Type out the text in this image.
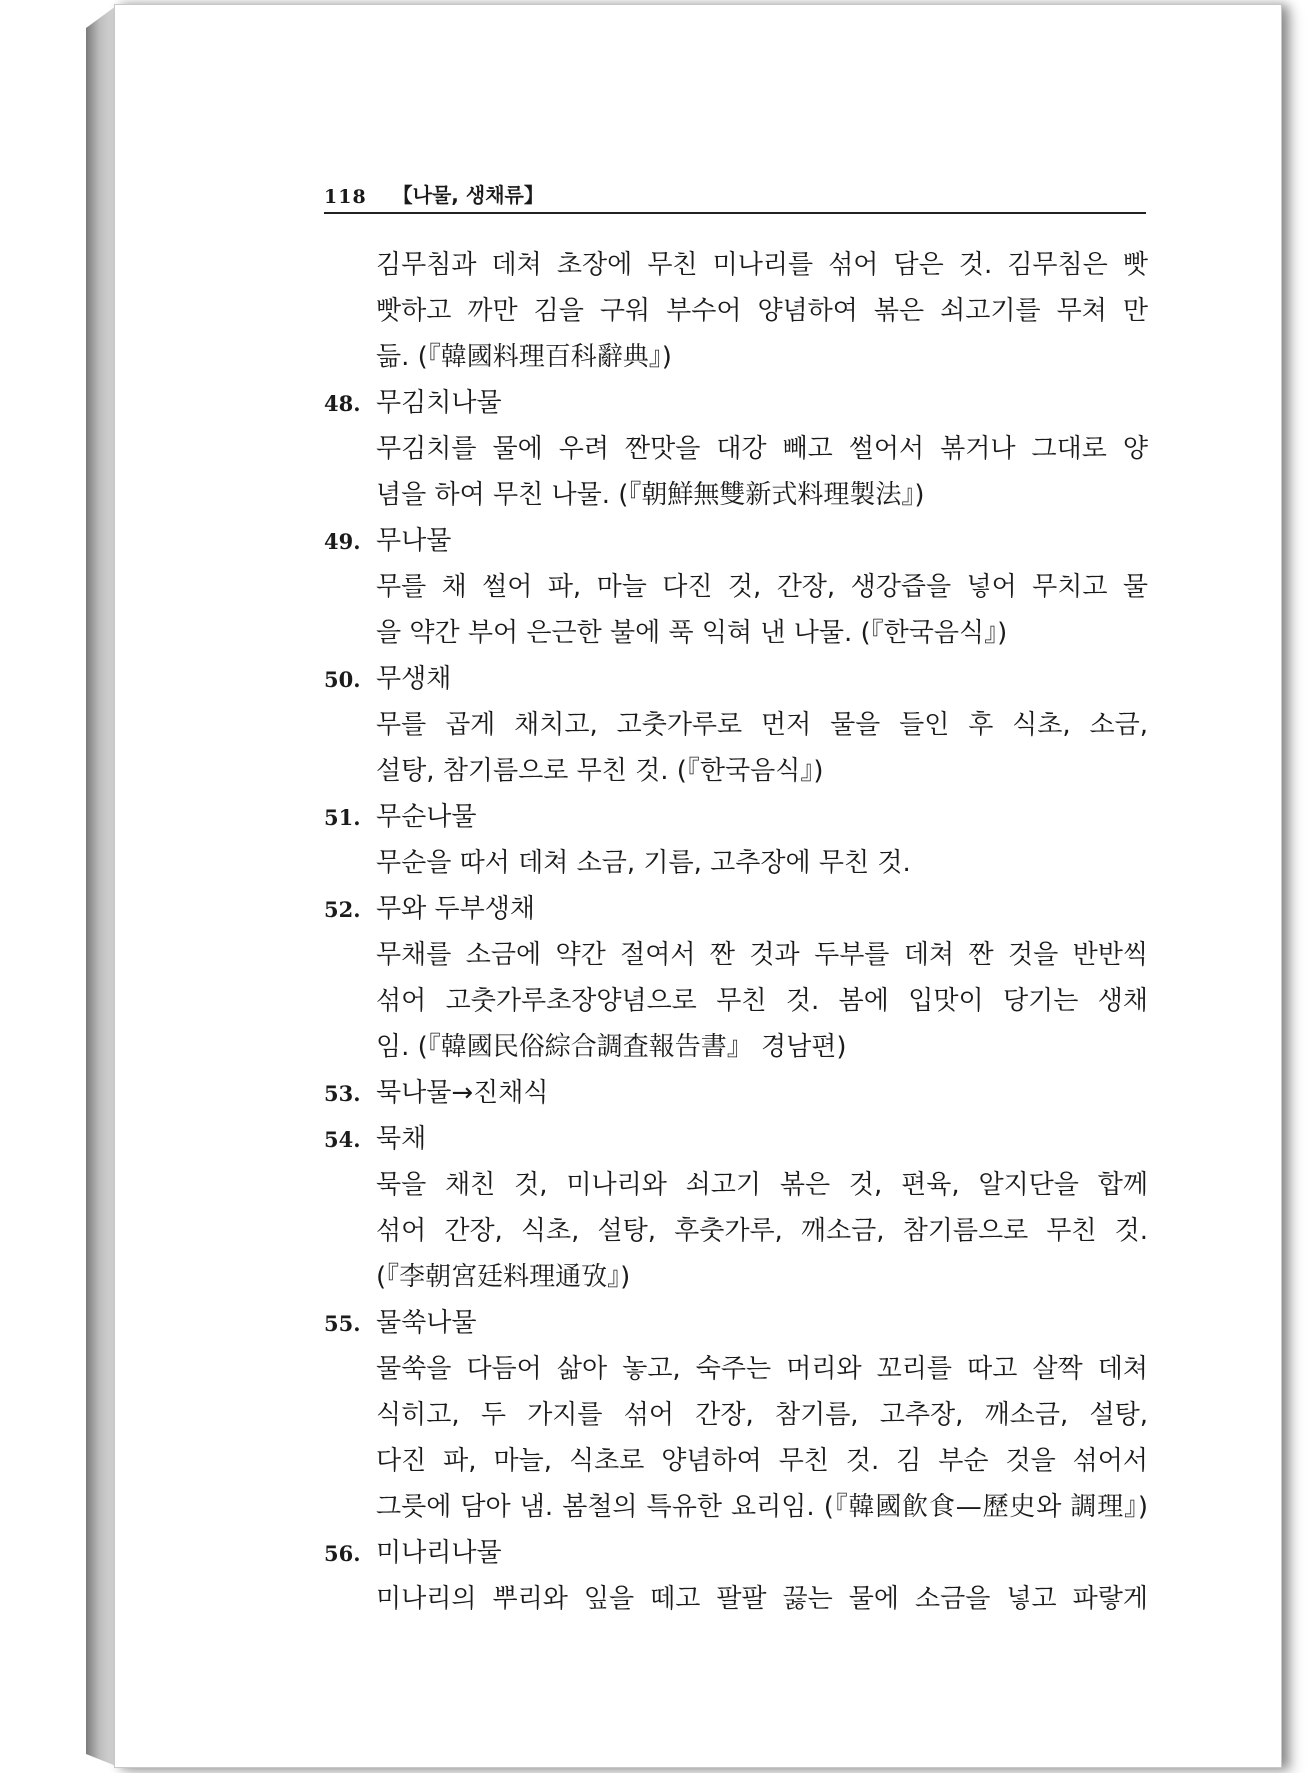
118 【나물, 생채류】
김무침과 데쳐 초장에 무친 미나리를 섞어 담은 것. 김무침은 빳
빳하고 까만 김을 구워 부수어 양념하여 볶은 쇠고기를 무쳐 만
듦. (『韓國料理百科辭典』)
48. 무김치나물
무김치를 물에 우려 짠맛을 대강 빼고 썰어서 볶거나 그대로 양
념을 하여 무친 나물. (『朝鮮無雙新式料理製法』)
49. 무나물
무를 채 썰어 파, 마늘 다진 것, 간장, 생강즙을 넣어 무치고 물
을 약간 부어 은근한 불에 푹 익혀 낸 나물. (『한국음식』)
50. 무생채
무를 곱게 채치고, 고춧가루로 먼저 물을 들인 후 식초, 소금,
설탕, 참기름으로 무친 것. (『한국음식』)
51. 무순나물
무순을 따서 데쳐 소금, 기름, 고추장에 무친 것.
52. 무와 두부생채
무채를 소금에 약간 절여서 짠 것과 두부를 데쳐 짠 것을 반반씩
섞어 고춧가루초장양념으로 무친 것. 봄에 입맛이 당기는 생채
임. (『韓國民俗綜合調査報告書』 경남편)
53. 묵나물→진채식
54. 묵채
묵을 채친 것, 미나리와 쇠고기 볶은 것, 편육, 알지단을 합께
섞어 간장, 식초, 설탕, 후춧가루, 깨소금, 참기름으로 무친 것.
(『李朝宮廷料理通攷』)
55. 물쑥나물
물쑥을 다듬어 삶아 놓고, 숙주는 머리와 꼬리를 따고 살짝 데쳐
식히고, 두 가지를 섞어 간장, 참기름, 고추장, 깨소금, 설탕,
다진 파, 마늘, 식초로 양념하여 무친 것. 김 부순 것을 섞어서
그릇에 담아 냄. 봄철의 특유한 요리임. (『韓國飮食—歷史와 調理』)
56. 미나리나물
미나리의 뿌리와 잎을 떼고 팔팔 끓는 물에 소금을 넣고 파랗게
